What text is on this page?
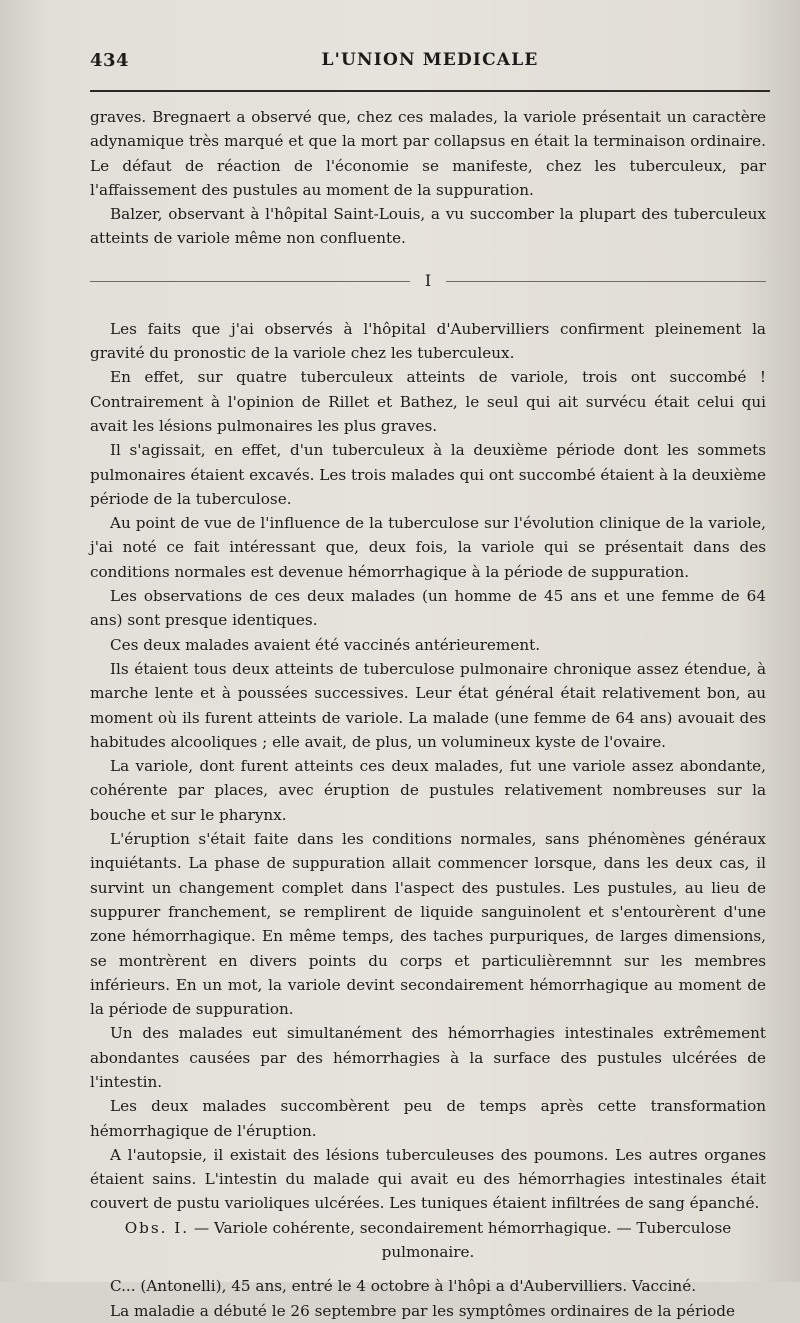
434	L'UNION MEDICALE

graves. Bregnaert a observé que, chez ces malades, la variole présentait un caractère adynamique très marqué et que la mort par collapsus en était la terminaison ordinaire. Le défaut de réaction de l'économie se manifeste, chez les tuberculeux, par l'affaissement des pustules au moment de la suppuration.

Balzer, observant à l'hôpital Saint-Louis, a vu succomber la plupart des tuberculeux atteints de variole même non confluente.

I

Les faits que j'ai observés à l'hôpital d'Aubervilliers confirment pleinement la gravité du pronostic de la variole chez les tuberculeux.

En effet, sur quatre tuberculeux atteints de variole, trois ont succombé ! Contrairement à l'opinion de Rillet et Bathez, le seul qui ait survécu était celui qui avait les lésions pulmonaires les plus graves.

Il s'agissait, en effet, d'un tuberculeux à la deuxième période dont les sommets pulmonaires étaient excavés. Les trois malades qui ont succombé étaient à la deuxième période de la tuberculose.

Au point de vue de l'influence de la tuberculose sur l'évolution clinique de la variole, j'ai noté ce fait intéressant que, deux fois, la variole qui se présentait dans des conditions normales est devenue hémorrhagique à la période de suppuration.

Les observations de ces deux malades (un homme de 45 ans et une femme de 64 ans) sont presque identiques.

Ces deux malades avaient été vaccinés antérieurement.

Ils étaient tous deux atteints de tuberculose pulmonaire chronique assez étendue, à marche lente et à poussées successives. Leur état général était relativement bon, au moment où ils furent atteints de variole. La malade (une femme de 64 ans) avouait des habitudes alcooliques ; elle avait, de plus, un volumineux kyste de l'ovaire.

La variole, dont furent atteints ces deux malades, fut une variole assez abondante, cohérente par places, avec éruption de pustules relativement nombreuses sur la bouche et sur le pharynx.

L'éruption s'était faite dans les conditions normales, sans phénomènes généraux inquiétants. La phase de suppuration allait commencer lorsque, dans les deux cas, il survint un changement complet dans l'aspect des pustules. Les pustules, au lieu de suppurer franchement, se remplirent de liquide sanguinolent et s'entourèrent d'une zone hémorrhagique. En même temps, des taches purpuriques, de larges dimensions, se montrèrent en divers points du corps et particulièremnnt sur les membres inférieurs. En un mot, la variole devint secondairement hémorrhagique au moment de la période de suppuration.

Un des malades eut simultanément des hémorrhagies intestinales extrêmement abondantes causées par des hémorrhagies à la surface des pustules ulcérées de l'intestin.

Les deux malades succombèrent peu de temps après cette transformation hémorrhagique de l'éruption.

A l'autopsie, il existait des lésions tuberculeuses des poumons. Les autres organes étaient sains. L'intestin du malade qui avait eu des hémorrhagies intestinales était couvert de pustu varioliques ulcérées. Les tuniques étaient infiltrées de sang épanché.

Obs. I. — Variole cohérente, secondairement hémorrhagique. — Tuberculose pulmonaire.

C... (Antonelli), 45 ans, entré le 4 octobre à l'hôpi a d'Aubervilliers. Vacciné.

La maladie a débuté le 26 septembre par les symptômes ordinaires de la période
